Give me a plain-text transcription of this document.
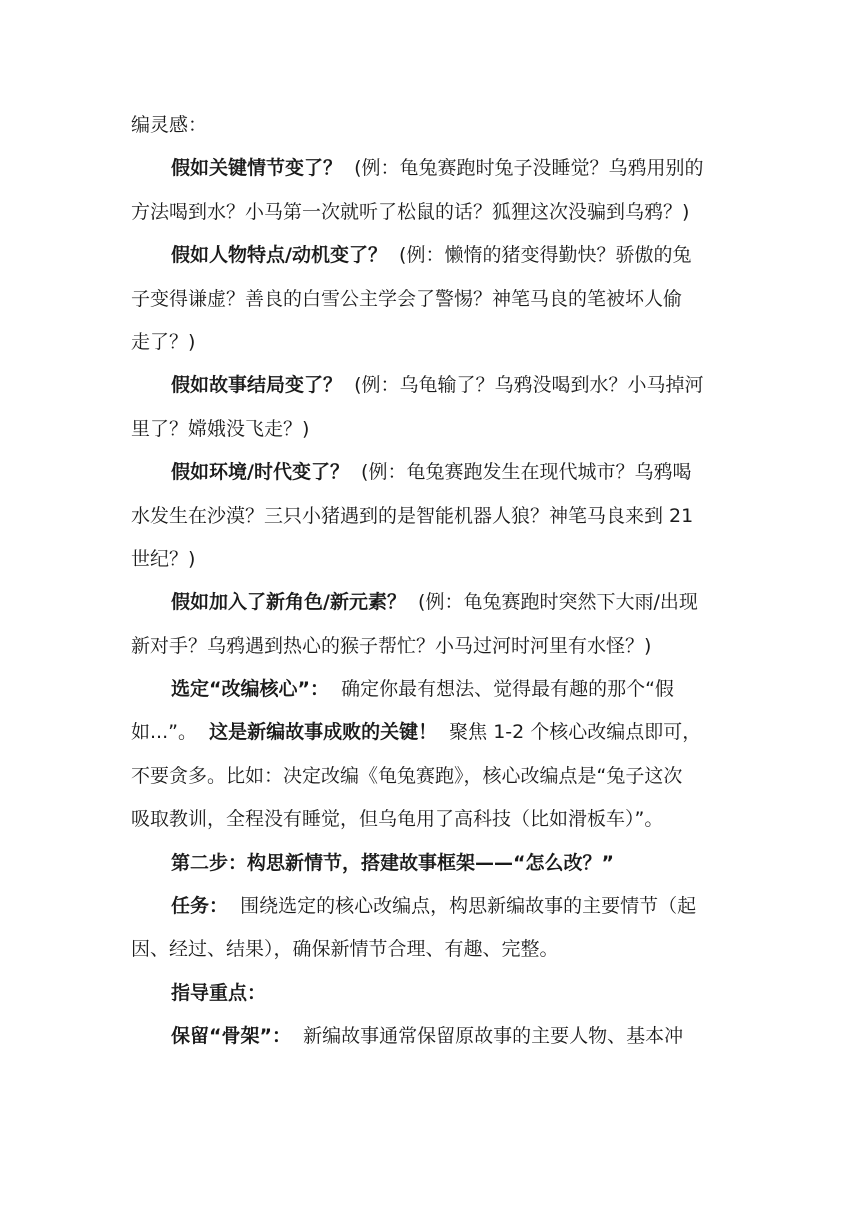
编灵感：
假如关键情节变了？ (例：龟兔赛跑时兔子没睡觉？乌鸦用别的
方法喝到水？小马第一次就听了松鼠的话？狐狸这次没骗到乌鸦？)
假如人物特点/动机变了？ (例：懒惰的猪变得勤快？骄傲的兔
子变得谦虚？善良的白雪公主学会了警惕？神笔马良的笔被坏人偷
走了？)
假如故事结局变了？ (例：乌龟输了？乌鸦没喝到水？小马掉河
里了？嫦娥没飞走？)
假如环境/时代变了？ (例：龟兔赛跑发生在现代城市？乌鸦喝
水发生在沙漠？三只小猪遇到的是智能机器人狼？神笔马良来到 21
世纪？)
假如加入了新角色/新元素？ (例：龟兔赛跑时突然下大雨/出现
新对手？乌鸦遇到热心的猴子帮忙？小马过河时河里有水怪？)
选定“改编核心”： 确定你最有想法、觉得最有趣的那个“假
如...”。 这是新编故事成败的关键！ 聚焦 1-2 个核心改编点即可，
不要贪多。比如：决定改编《龟兔赛跑》，核心改编点是“兔子这次
吸取教训，全程没有睡觉，但乌龟用了高科技（比如滑板车）”。
第二步：构思新情节，搭建故事框架——“怎么改？”
任务： 围绕选定的核心改编点，构思新编故事的主要情节（起
因、经过、结果），确保新情节合理、有趣、完整。
指导重点：
保留“骨架”： 新编故事通常保留原故事的主要人物、基本冲
